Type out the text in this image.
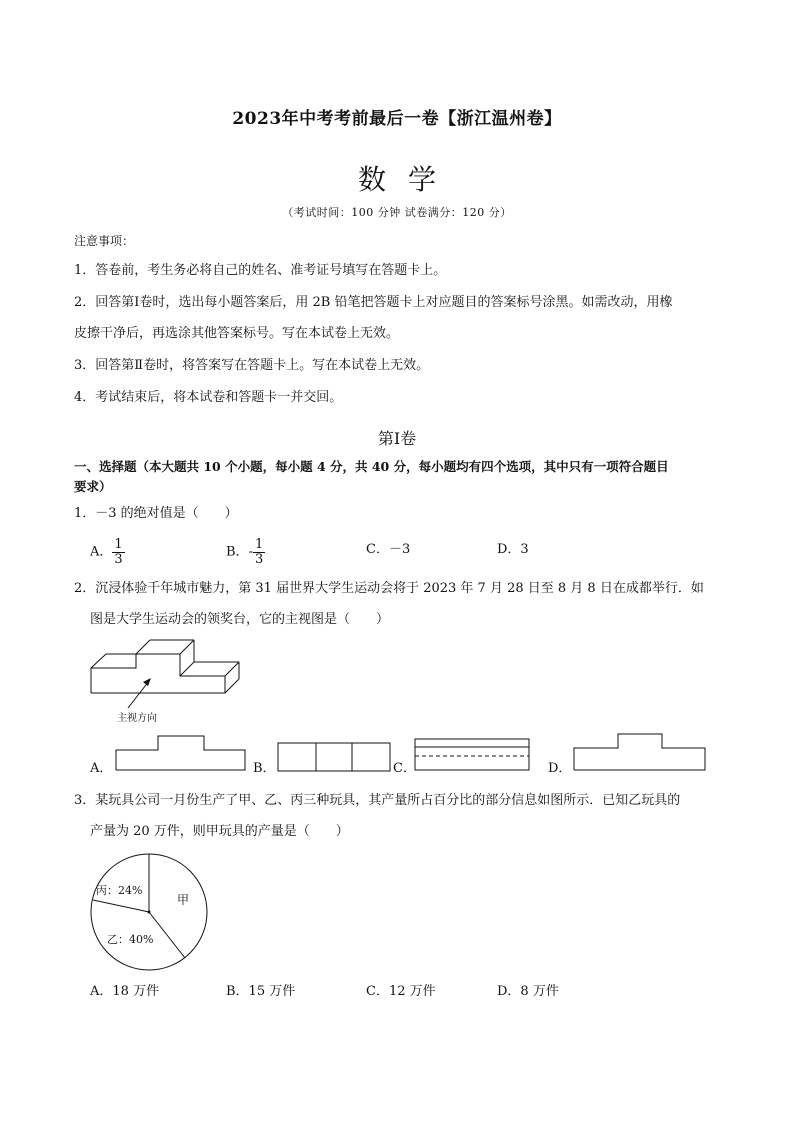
2023年中考考前最后一卷【浙江温州卷】
数学
（考试时间：100 分钟 试卷满分：120 分）
注意事项：
1．答卷前，考生务必将自己的姓名、准考证号填写在答题卡上。
2．回答第Ⅰ卷时，选出每小题答案后，用 2B 铅笔把答题卡上对应题目的答案标号涂黑。如需改动，用橡
皮擦干净后，再选涂其他答案标号。写在本试卷上无效。
3．回答第Ⅱ卷时，将答案写在答题卡上。写在本试卷上无效。
4．考试结束后，将本试卷和答题卡一并交回。
第Ⅰ卷
一、选择题（本大题共 10 个小题，每小题 4 分，共 40 分，每小题均有四个选项，其中只有一项符合题目
要求）
1．－3 的绝对值是（　　）
A． $\frac{1}{3}$	B．- $\frac{1}{3}$	C．－3	D．3
2．沉浸体验千年城市魅力，第 31 届世界大学生运动会将于 2023 年 7 月 28 日至 8 月 8 日在成都举行．如
图是大学生运动会的领奖台，它的主视图是（　　）
主视方向
A．	B．	C．	D．
3．某玩具公司一月份生产了甲、乙、丙三种玩具，其产量所占百分比的部分信息如图所示．已知乙玩具的
产量为 20 万件，则甲玩具的产量是（　　）
丙：24%
甲
乙：40%
A．18 万件	B．15 万件	C．12 万件	D．8 万件
